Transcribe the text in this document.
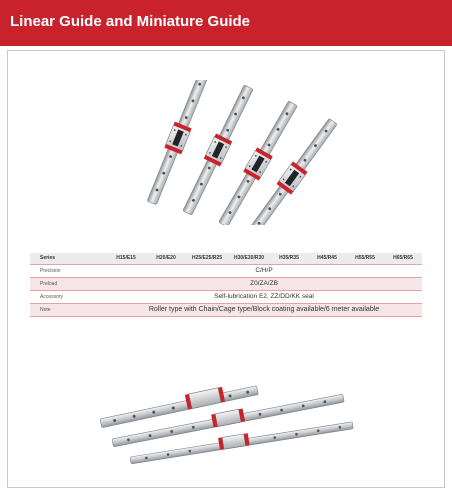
Linear Guide and Miniature Guide
Series	H15/E15	H20/E20	H25/E25/R25	H30/E30/R30	H35/R35	H45/R45	H55/R55	H65/R65
Precision	C/H/P							
Preload	Z0/ZA/ZB							
Accessory	Self-lubrication E2, ZZ/DD/KK seal							
Note	Roller type with Chain/Cage type/Block coating available/6 meter available							
